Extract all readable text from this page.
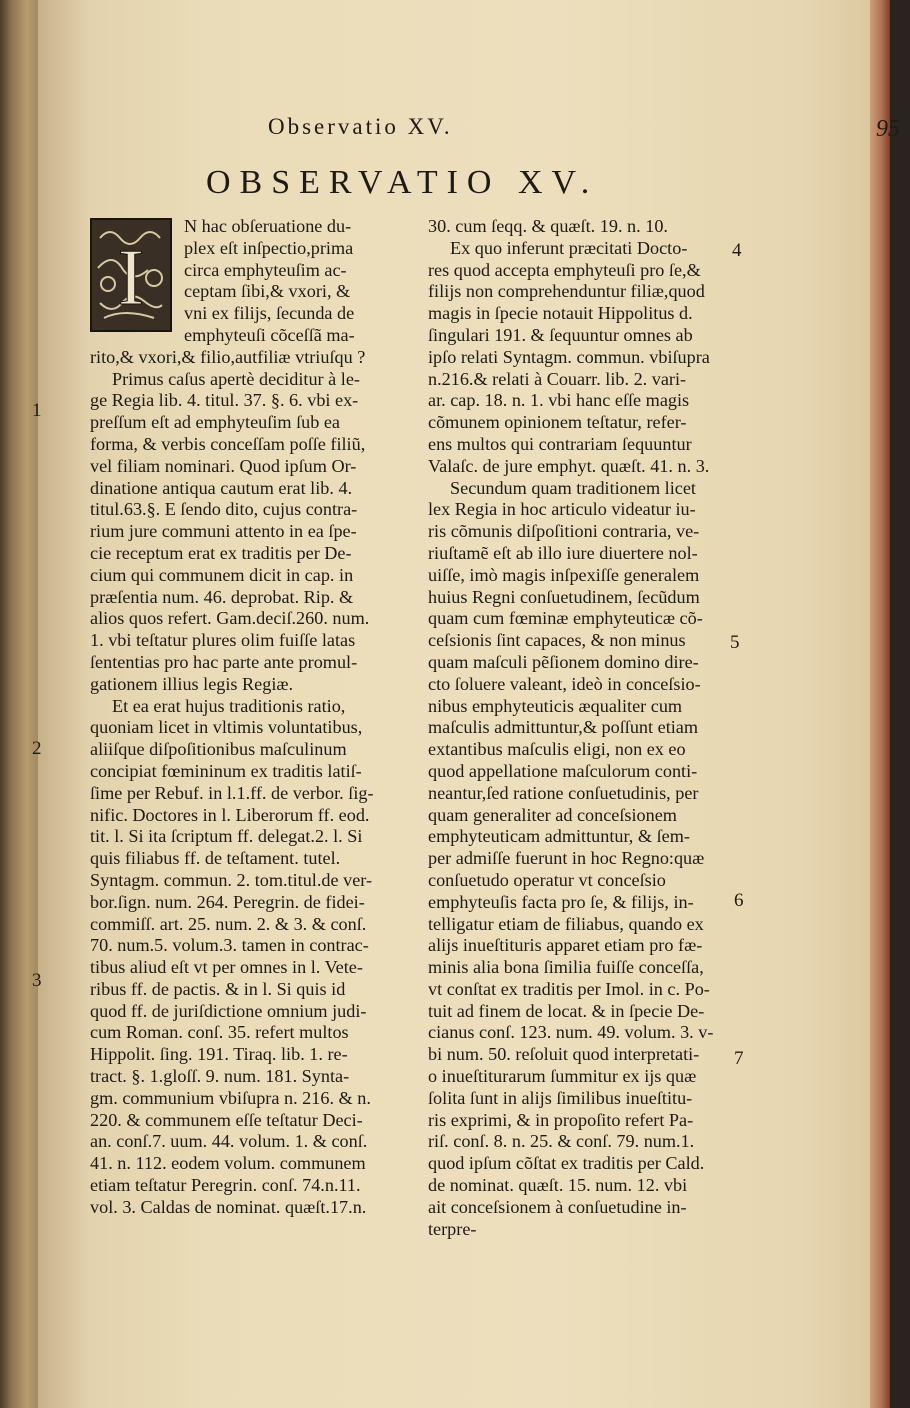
Observatio XV.	95
OBSERVATIO XV.
I

N hac obſeruatione du-

plex eſt inſpectio,prima

circa emphyteuſim ac-

ceptam ſibi,& vxori, &

vni ex filijs, ſecunda de

emphyteuſi cõceſſã ma-

rito,& vxori,& filio,autfiliæ vtriuſqu ?

Primus caſus apertè deciditur à le-

ge Regia lib. 4. titul. 37. §. 6. vbi ex-

preſſum eſt ad emphyteuſim ſub ea

forma, & verbis conceſſam poſſe filiũ,

vel filiam nominari. Quod ipſum Or-

dinatione antiqua cautum erat lib. 4.

titul.63.§. E ſendo dito, cujus contra-

rium jure communi attento in ea ſpe-

cie receptum erat ex traditis per De-

cium qui communem dicit in cap. in

præſentia num. 46. deprobat. Rip. &

alios quos refert. Gam.deciſ.260. num.

1. vbi teſtatur plures olim fuiſſe latas

ſententias pro hac parte ante promul-

gationem illius legis Regiæ.

Et ea erat hujus traditionis ratio,

quoniam licet in vltimis voluntatibus,

aliiſque diſpoſitionibus maſculinum

concipiat fœmininum ex traditis latiſ-

ſime per Rebuf. in l.1.ff. de verbor. ſig-

nific. Doctores in l. Liberorum ff. eod.

tit. l. Si ita ſcriptum ff. delegat.2. l. Si

quis filiabus ff. de teſtament. tutel.

Syntagm. commun. 2. tom.titul.de ver-

bor.ſign. num. 264. Peregrin. de fidei-

commiſſ. art. 25. num. 2. & 3. & conſ.

70. num.5. volum.3. tamen in contrac-

tibus aliud eſt vt per omnes in l. Vete-

ribus ff. de pactis. & in l. Si quis id

quod ff. de juriſdictione omnium judi-

cum Roman. conſ. 35. refert multos

Hippolit. ſing. 191. Tiraq. lib. 1. re-

tract. §. 1.gloſſ. 9. num. 181. Synta-

gm. communium vbiſupra n. 216. & n.

220. & communem eſſe teſtatur Deci-

an. conſ.7. uum. 44. volum. 1. & conſ.

41. n. 112. eodem volum. communem

etiam teſtatur Peregrin. conſ. 74.n.11.

vol. 3. Caldas de nominat. quæſt.17.n.

30. cum ſeqq. & quæſt. 19. n. 10.

Ex quo inferunt præcitati Docto-

res quod accepta emphyteuſi pro ſe,&

filijs non comprehenduntur filiæ,quod

magis in ſpecie notauit Hippolitus d.

ſingulari 191. & ſequuntur omnes ab

ipſo relati Syntagm. commun. vbiſupra

n.216.& relati à Couarr. lib. 2. vari-

ar. cap. 18. n. 1. vbi hanc eſſe magis

cõmunem opinionem teſtatur, refer-

ens multos qui contrariam ſequuntur

Valaſc. de jure emphyt. quæſt. 41. n. 3.

Secundum quam traditionem licet

lex Regia in hoc articulo videatur iu-

ris cõmunis diſpoſitioni contraria, ve-

riuſtamẽ eſt ab illo iure diuertere nol-

uiſſe, imò magis inſpexiſſe generalem

huius Regni conſuetudinem, ſecũdum

quam cum fœminæ emphyteuticæ cõ-

ceſsionis ſint capaces, & non minus

quam maſculi pẽſionem domino dire-

cto ſoluere valeant, ideò in conceſsio-

nibus emphyteuticis æqualiter cum

maſculis admittuntur,& poſſunt etiam

extantibus maſculis eligi, non ex eo

quod appellatione maſculorum conti-

neantur,ſed ratione conſuetudinis, per

quam generaliter ad conceſsionem

emphyteuticam admittuntur, & ſem-

per admiſſe fuerunt in hoc Regno:quæ

conſuetudo operatur vt conceſsio

emphyteuſis facta pro ſe, & filijs, in-

telligatur etiam de filiabus, quando ex

alijs inueſtituris apparet etiam pro fæ-

minis alia bona ſimilia fuiſſe conceſſa,

vt conſtat ex traditis per Imol. in c. Po-

tuit ad finem de locat. & in ſpecie De-

cianus conſ. 123. num. 49. volum. 3. v-

bi num. 50. reſoluit quod interpretati-

o inueſtiturarum ſummitur ex ijs quæ

ſolita ſunt in alijs ſimilibus inueſtitu-

ris exprimi, & in propoſito refert Pa-

riſ. conſ. 8. n. 25. & conſ. 79. num.1.

quod ipſum cõſtat ex traditis per Cald.

de nominat. quæſt. 15. num. 12. vbi

ait conceſsionem à conſuetudine in-

terpre-

1
2
3
4
5
6
7
